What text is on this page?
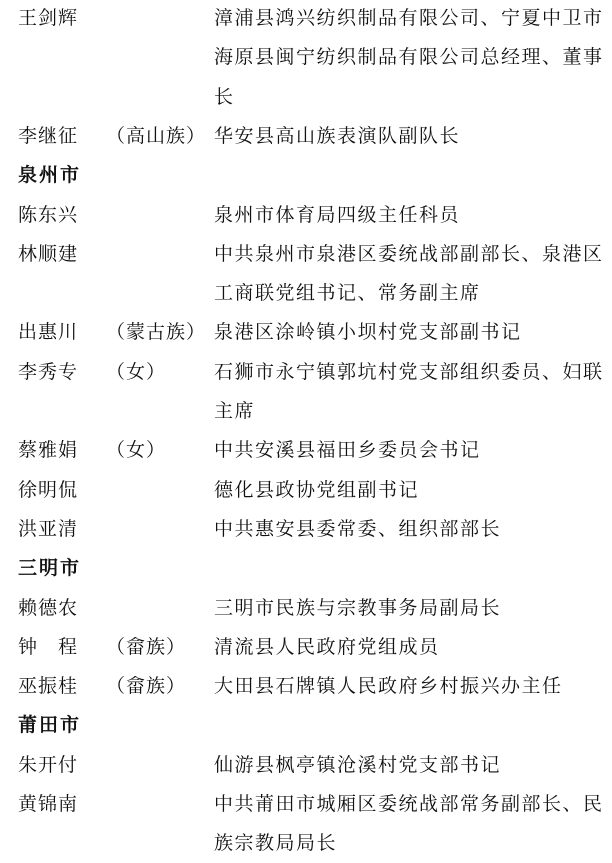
王剑辉	漳浦县鸿兴纺织制品有限公司、宁夏中卫市
海原县闽宁纺织制品有限公司总经理、董事
长
李继征 （高山族） 华安县高山族表演队副队长
泉州市
陈东兴	泉州市体育局四级主任科员
林顺建	中共泉州市泉港区委统战部副部长、泉港区
工商联党组书记、常务副主席
出惠川 （蒙古族） 泉港区涂岭镇小坝村党支部副书记
李秀专 （女）	石狮市永宁镇郭坑村党支部组织委员、妇联
主席
蔡雅娟 （女）	中共安溪县福田乡委员会书记
徐明侃	德化县政协党组副书记
洪亚清	中共惠安县委常委、组织部部长
三明市
赖德农	三明市民族与宗教事务局副局长
钟　程 （畲族） 清流县人民政府党组成员
巫振桂 （畲族） 大田县石牌镇人民政府乡村振兴办主任
莆田市
朱开付	仙游县枫亭镇沧溪村党支部书记
黄锦南	中共莆田市城厢区委统战部常务副部长、民
族宗教局局长
